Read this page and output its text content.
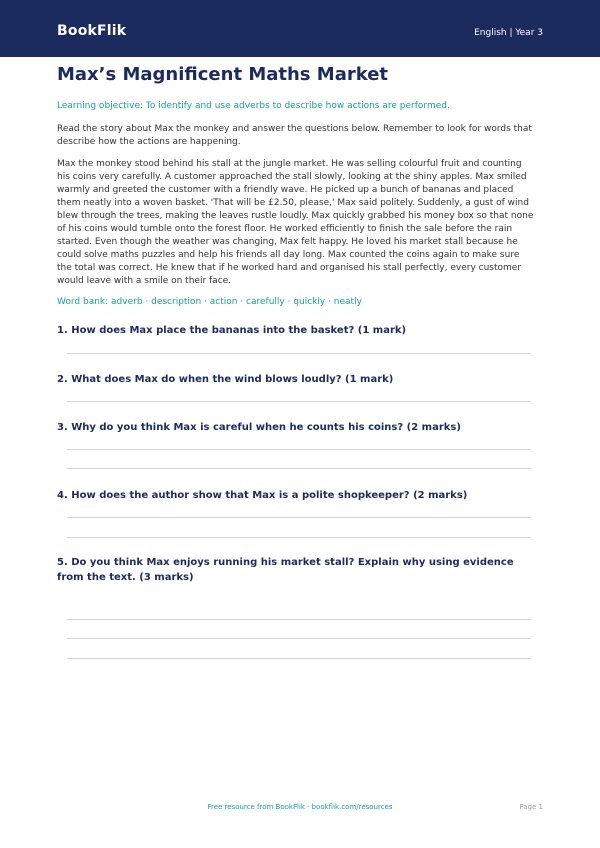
BookFlik	English | Year 3
Max’s Magnificent Maths Market
Learning objective: To identify and use adverbs to describe how actions are performed.
Read the story about Max the monkey and answer the questions below. Remember to look for words that describe how the actions are happening.
Max the monkey stood behind his stall at the jungle market. He was selling colourful fruit and counting his coins very carefully. A customer approached the stall slowly, looking at the shiny apples. Max smiled warmly and greeted the customer with a friendly wave. He picked up a bunch of bananas and placed them neatly into a woven basket. 'That will be £2.50, please,' Max said politely. Suddenly, a gust of wind blew through the trees, making the leaves rustle loudly. Max quickly grabbed his money box so that none of his coins would tumble onto the forest floor. He worked efficiently to finish the sale before the rain started. Even though the weather was changing, Max felt happy. He loved his market stall because he could solve maths puzzles and help his friends all day long. Max counted the coins again to make sure the total was correct. He knew that if he worked hard and organised his stall perfectly, every customer would leave with a smile on their face.
Word bank: adverb · description · action · carefully · quickly · neatly
1. How does Max place the bananas into the basket? (1 mark)
2. What does Max do when the wind blows loudly? (1 mark)
3. Why do you think Max is careful when he counts his coins? (2 marks)
4. How does the author show that Max is a polite shopkeeper? (2 marks)
5. Do you think Max enjoys running his market stall? Explain why using evidence from the text. (3 marks)
Free resource from BookFlik · bookflik.com/resources	Page 1
